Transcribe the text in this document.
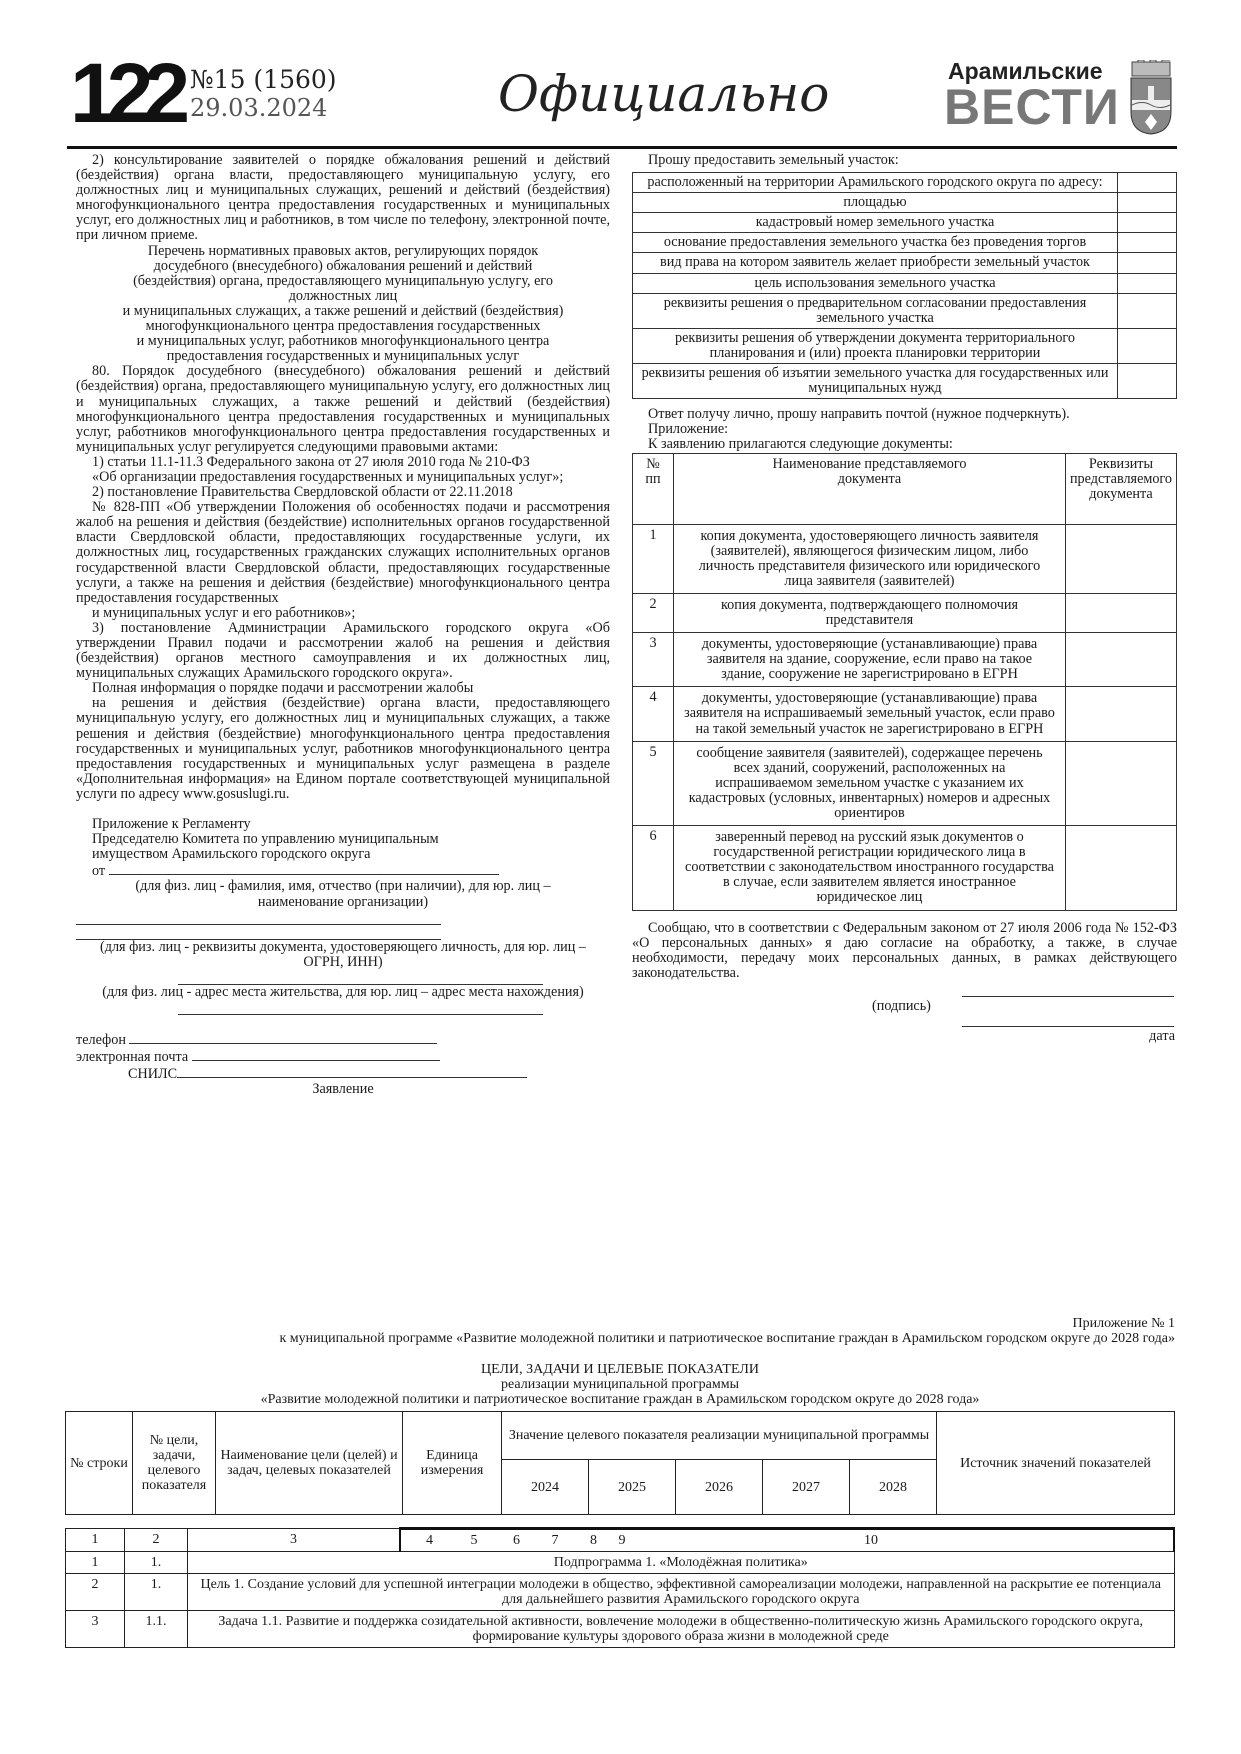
122 №15 (1560)
29.03.2024	Официально	Арамильские
ВЕСТИ

2) консультирование заявителей о порядке обжалования решений и действий (бездействия) органа власти, предоставляющего муниципальную услугу, его должностных лиц и муниципальных служащих, решений и действий (бездействия) многофункционального центра предоставления государственных и муниципальных услуг, его должностных лиц и работников, в том числе по телефону, электронной почте, при личном приеме.

Перечень нормативных правовых актов, регулирующих порядок

досудебного (внесудебного) обжалования решений и действий

(бездействия) органа, предоставляющего муниципальную услугу, его

должностных лиц

и муниципальных служащих, а также решений и действий (бездействия)

многофункционального центра предоставления государственных

и муниципальных услуг, работников многофункционального центра

предоставления государственных и муниципальных услуг

80. Порядок досудебного (внесудебного) обжалования решений и действий (бездействия) органа, предоставляющего муниципальную услугу, его должностных лиц и муниципальных служащих, а также решений и действий (бездействия) многофункционального центра предоставления государственных и муниципальных услуг, работников многофункционального центра предоставления государственных и муниципальных услуг регулируется следующими правовыми актами:

1) статьи 11.1-11.3 Федерального закона от 27 июля 2010 года № 210-ФЗ

«Об организации предоставления государственных и муниципальных услуг»;

2) постановление Правительства Свердловской области от 22.11.2018

№ 828-ПП «Об утверждении Положения об особенностях подачи и рассмотрения жалоб на решения и действия (бездействие) исполнительных органов государственной власти Свердловской области, предоставляющих государственные услуги, их должностных лиц, государственных гражданских служащих исполнительных органов государственной власти Свердловской области, предоставляющих государственные услуги, а также на решения и действия (бездействие) многофункционального центра предоставления государственных

и муниципальных услуг и его работников»;

3) постановление Администрации Арамильского городского округа «Об утверждении Правил подачи и рассмотрении жалоб на решения и действия (бездействия) органов местного самоуправления и их должностных лиц, муниципальных служащих Арамильского городского округа».

Полная информация о порядке подачи и рассмотрении жалобы

на решения и действия (бездействие) органа власти, предоставляющего муниципальную услугу, его должностных лиц и муниципальных служащих, а также решения и действия (бездействие) многофункционального центра предоставления государственных и муниципальных услуг, работников многофункционального центра предоставления государственных и муниципальных услуг размещена в разделе «Дополнительная информация» на Едином портале соответствующей муниципальной услуги по адресу www.gosuslugi.ru.

Приложение к Регламенту

Председателю Комитета по управлению муниципальным

имуществом Арамильского городского округа

от

(для физ. лиц - фамилия, имя, отчество (при наличии), для юр. лиц – наименование организации)

(для физ. лиц - реквизиты документа, удостоверяющего личность, для юр. лиц – ОГРН, ИНН)

(для физ. лиц - адрес места жительства, для юр. лиц – адрес места нахождения)

телефон

электронная почта

СНИЛС

Заявление

Прошу предоставить земельный участок:

расположенный на территории Арамильского городского округа по адресу:	
площадью	
кадастровый номер земельного участка	
основание предоставления земельного участка без проведения торгов	
вид права на котором заявитель желает приобрести земельный участок	
цель использования земельного участка	
реквизиты решения о предварительном согласовании предоставления земельного участка	
реквизиты решения об утверждении документа территориального планирования и (или) проекта планировки территории	
реквизиты решения об изъятии земельного участка для государственных или муниципальных нужд	

Ответ получу лично, прошу направить почтой (нужное подчеркнуть).

Приложение:

К заявлению прилагаются следующие документы:

№ пп	Наименование представляемого документа	Реквизиты представляемого документа
1	копия документа, удостоверяющего личность заявителя (заявителей), являющегося физическим лицом, либо личность представителя физического или юридического лица заявителя (заявителей)	
2	копия документа, подтверждающего полномочия представителя	
3	документы, удостоверяющие (устанавливающие) права заявителя на здание, сооружение, если право на такое здание, сооружение не зарегистрировано в ЕГРН	
4	документы, удостоверяющие (устанавливающие) права заявителя на испрашиваемый земельный участок, если право на такой земельный участок не зарегистрировано в ЕГРН	
5	сообщение заявителя (заявителей), содержащее перечень всех зданий, сооружений, расположенных на испрашиваемом земельном участке с указанием их кадастровых (условных, инвентарных) номеров и адресных ориентиров	
6	заверенный перевод на русский язык документов о государственной регистрации юридического лица в соответствии с законодательством иностранного государства в случае, если заявителем является иностранное юридическое лиц	

Сообщаю, что в соответствии с Федеральным законом от 27 июля 2006 года № 152-ФЗ «О персональных данных» я даю согласие на обработку, а также, в случае необходимости, передачу моих персональных данных, в рамках действующего законодательства.

(подпись)
дата
Приложение № 1
к муниципальной программе «Развитие молодежной политики и патриотическое воспитание граждан в Арамильском городском округе до 2028 года»
ЦЕЛИ, ЗАДАЧИ И ЦЕЛЕВЫЕ ПОКАЗАТЕЛИ
реализации муниципальной программы
«Развитие молодежной политики и патриотическое воспитание граждан в Арамильском городском округе до 2028 года»
№ строки	№ цели, задачи, целевого показателя	Наименование цели (целей) и задач, целевых показателей	Единица измерения	Значение целевого показателя реализации муниципальной программы					Источник значений показателей
				2024	2025	2026	2027	2028	
1	2	3	4 5 6 7 8 9 10
1	1.	Подпрограмма 1. «Молодёжная политика»	
2	1.	Цель 1. Создание условий для успешной интеграции молодежи в общество, эффективной самореализации молодежи, направленной на раскрытие ее потенциала для дальнейшего развития Арамильского городского округа	
3	1.1.	Задача 1.1. Развитие и поддержка созидательной активности, вовлечение молодежи в общественно-политическую жизнь Арамильского городского округа, формирование культуры здорового образа жизни в молодежной среде	
